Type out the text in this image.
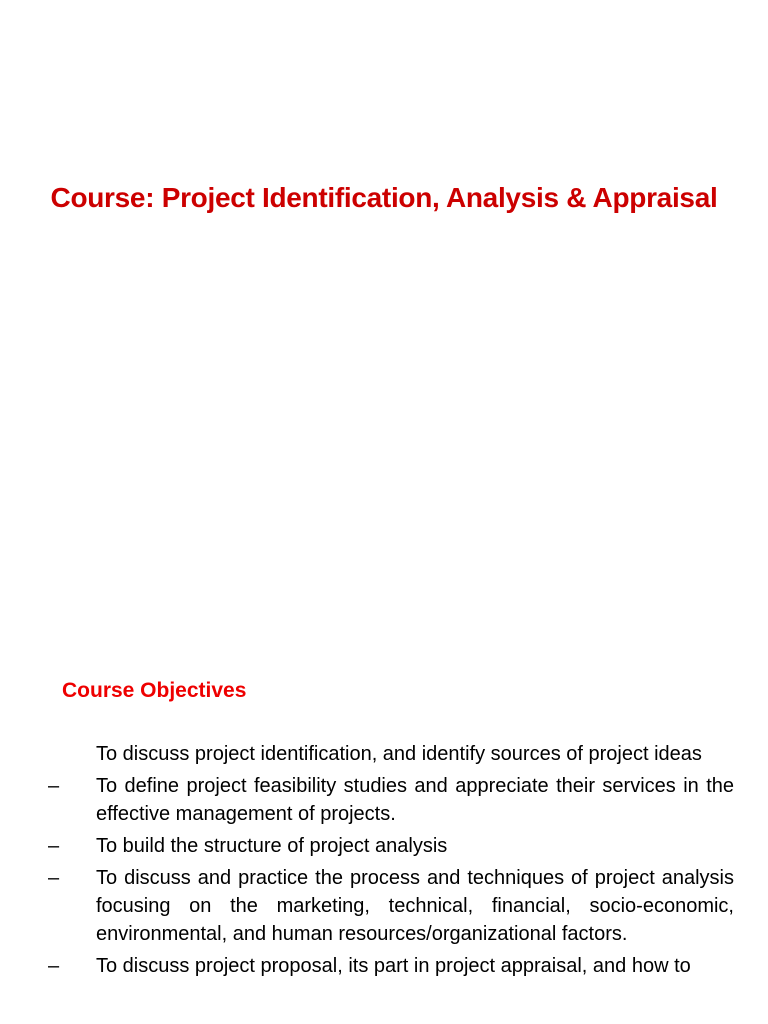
Course: Project Identification, Analysis & Appraisal
Course Objectives
To discuss project identification, and identify sources of project ideas
–	To define project feasibility studies and appreciate their services in the effective management of projects.
–	To build the structure of project analysis
–	To discuss and practice the process and techniques of project analysis focusing on the marketing, technical, financial, socio-economic, environmental, and human resources/organizational factors.
–	To discuss project proposal, its part in project appraisal, and how to
